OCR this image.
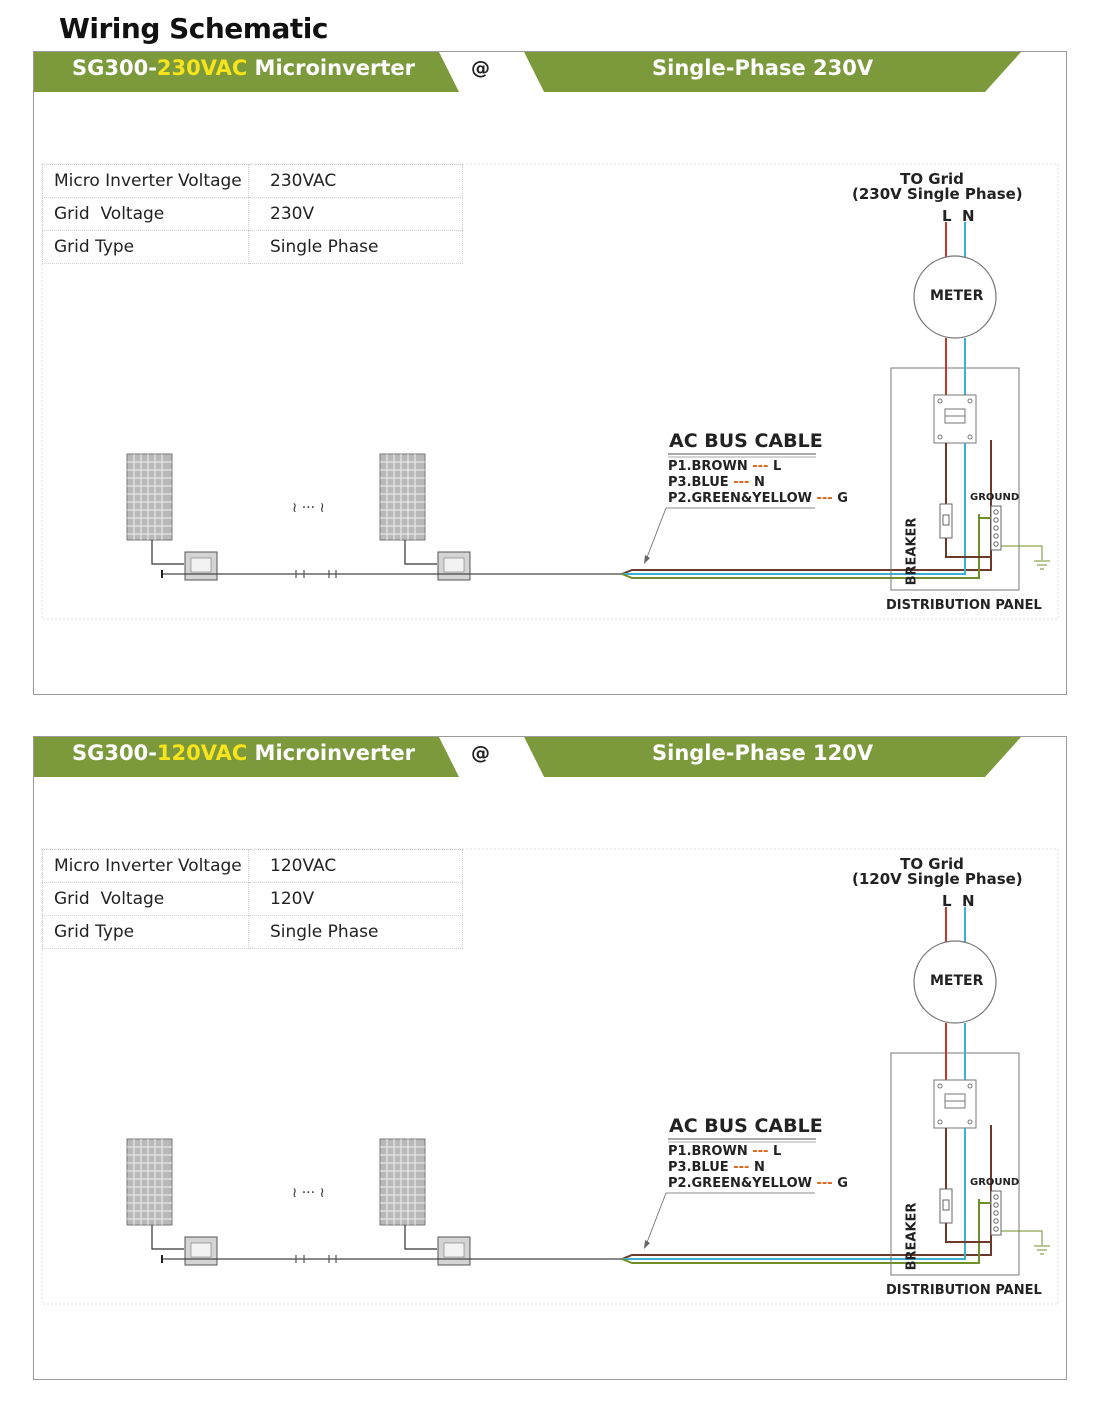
Wiring Schematic
≀ ··· ≀
SG300-230VAC Microinverter	@	Single-Phase 230V
Micro Inverter Voltage	230VAC
Grid  Voltage	230V
Grid Type	Single Phase
TO Grid
(230V Single Phase)
L  N
METER
AC BUS CABLE
P1.BROWN --- L
P3.BLUE --- N
P2.GREEN&YELLOW --- G	GROUND
BREAKER
DISTRIBUTION PANEL
≀ ··· ≀
SG300-120VAC Microinverter	@	Single-Phase 120V
Micro Inverter Voltage	120VAC
Grid  Voltage	120V
Grid Type	Single Phase
TO Grid
(120V Single Phase)
L  N
METER
AC BUS CABLE
P1.BROWN --- L
P3.BLUE --- N
P2.GREEN&YELLOW --- G	GROUND
BREAKER
DISTRIBUTION PANEL
